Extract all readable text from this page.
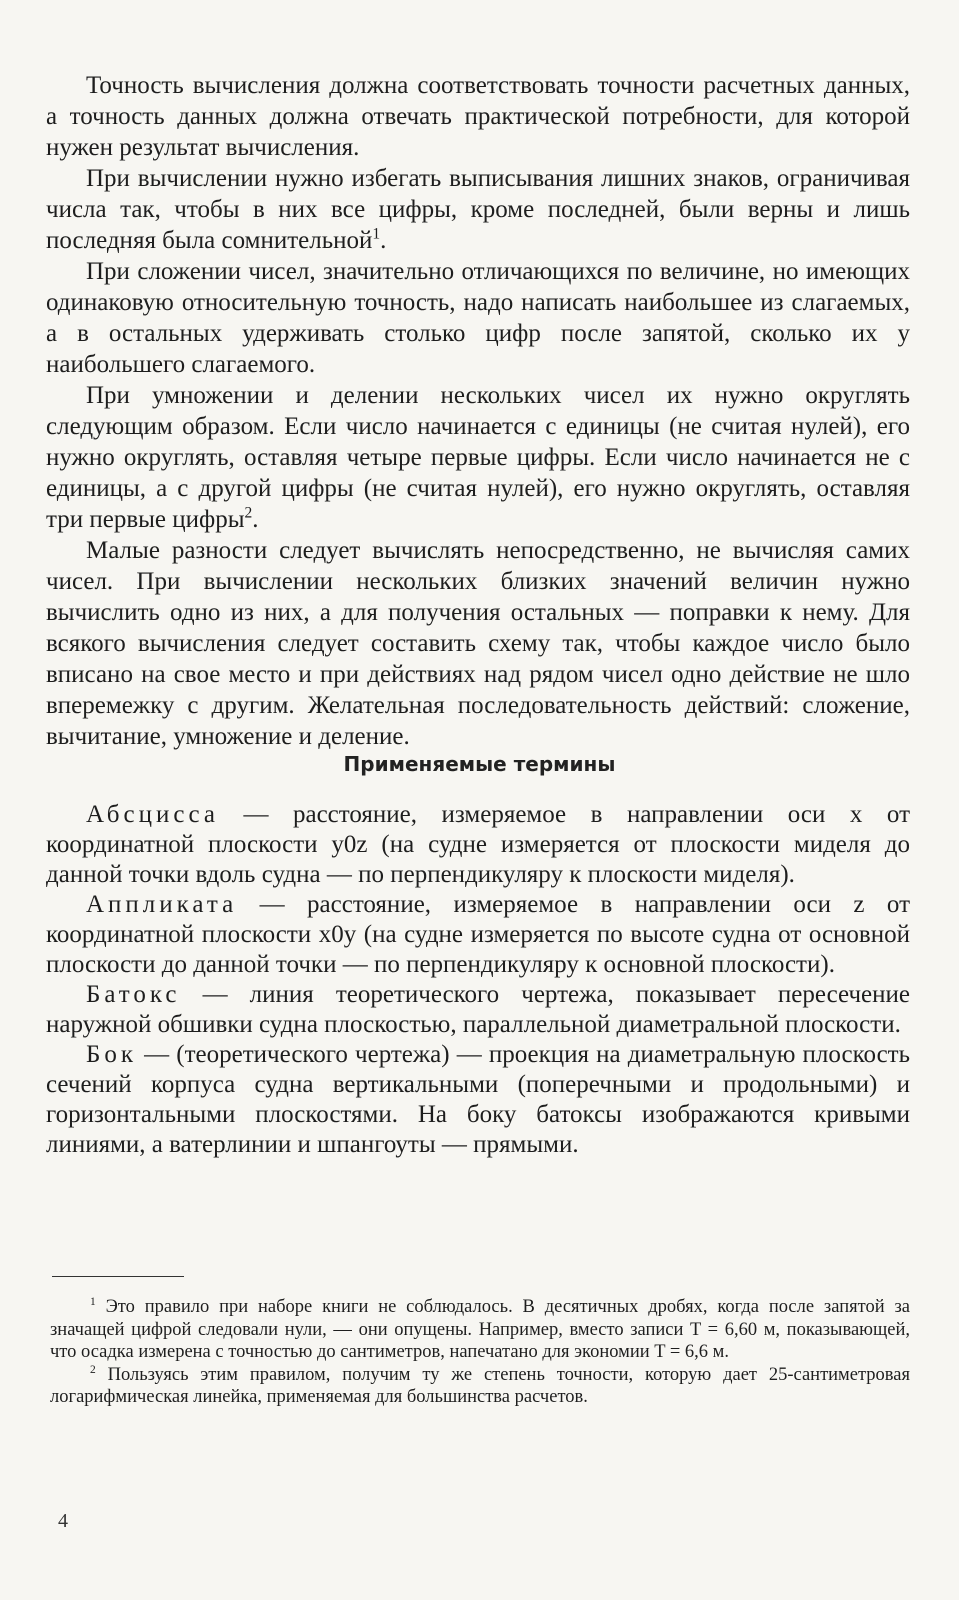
Точность вычисления должна соответствовать точности расчетных данных, а точность данных должна отвечать практической потребности, для которой нужен результат вычисления.

При вычислении нужно избегать выписывания лишних знаков, ограничивая числа так, чтобы в них все цифры, кроме последней, были верны и лишь последняя была сомнительной$^1$.

При сложении чисел, значительно отличающихся по величине, но имеющих одинаковую относительную точность, надо написать наибольшее из слагаемых, а в остальных удерживать столько цифр после запятой, сколько их у наибольшего слагаемого.

При умножении и делении нескольких чисел их нужно округлять следующим образом. Если число начинается с единицы (не считая нулей), его нужно округлять, оставляя четыре первые цифры. Если число начинается не с единицы, а с другой цифры (не считая нулей), его нужно округлять, оставляя три первые цифры$^2$.

Малые разности следует вычислять непосредственно, не вычисляя самих чисел. При вычислении нескольких близких значений величин нужно вычислить одно из них, а для получения остальных — поправки к нему. Для всякого вычисления следует составить схему так, чтобы каждое число было вписано на свое место и при действиях над рядом чисел одно действие не шло вперемежку с другим. Желательная последовательность действий: сложение, вычитание, умножение и деление.

Применяемые термины

Абсцисса — расстояние, измеряемое в направлении оси x от координатной плоскости y0z (на судне измеряется от плоскости миделя до данной точки вдоль судна — по перпендикуляру к плоскости миделя).

Аппликата — расстояние, измеряемое в направлении оси z от координатной плоскости x0y (на судне измеряется по высоте судна от основной плоскости до данной точки — по перпендикуляру к основной плоскости).

Батокс — линия теоретического чертежа, показывает пересечение наружной обшивки судна плоскостью, параллельной диаметральной плоскости.

Бок — (теоретического чертежа) — проекция на диаметральную плоскость сечений корпуса судна вертикальными (поперечными и продольными) и горизонтальными плоскостями. На боку батоксы изображаются кривыми линиями, а ватерлинии и шпангоуты — прямыми.

$^1$ Это правило при наборе книги не соблюдалось. В десятичных дробях, когда после запятой за значащей цифрой следовали нули, — они опущены. Например, вместо записи T = 6,60 м, показывающей, что осадка измерена с точностью до сантиметров, напечатано для экономии T = 6,6 м.

$^2$ Пользуясь этим правилом, получим ту же степень точности, которую дает 25-сантиметровая логарифмическая линейка, применяемая для большинства расчетов.

4
